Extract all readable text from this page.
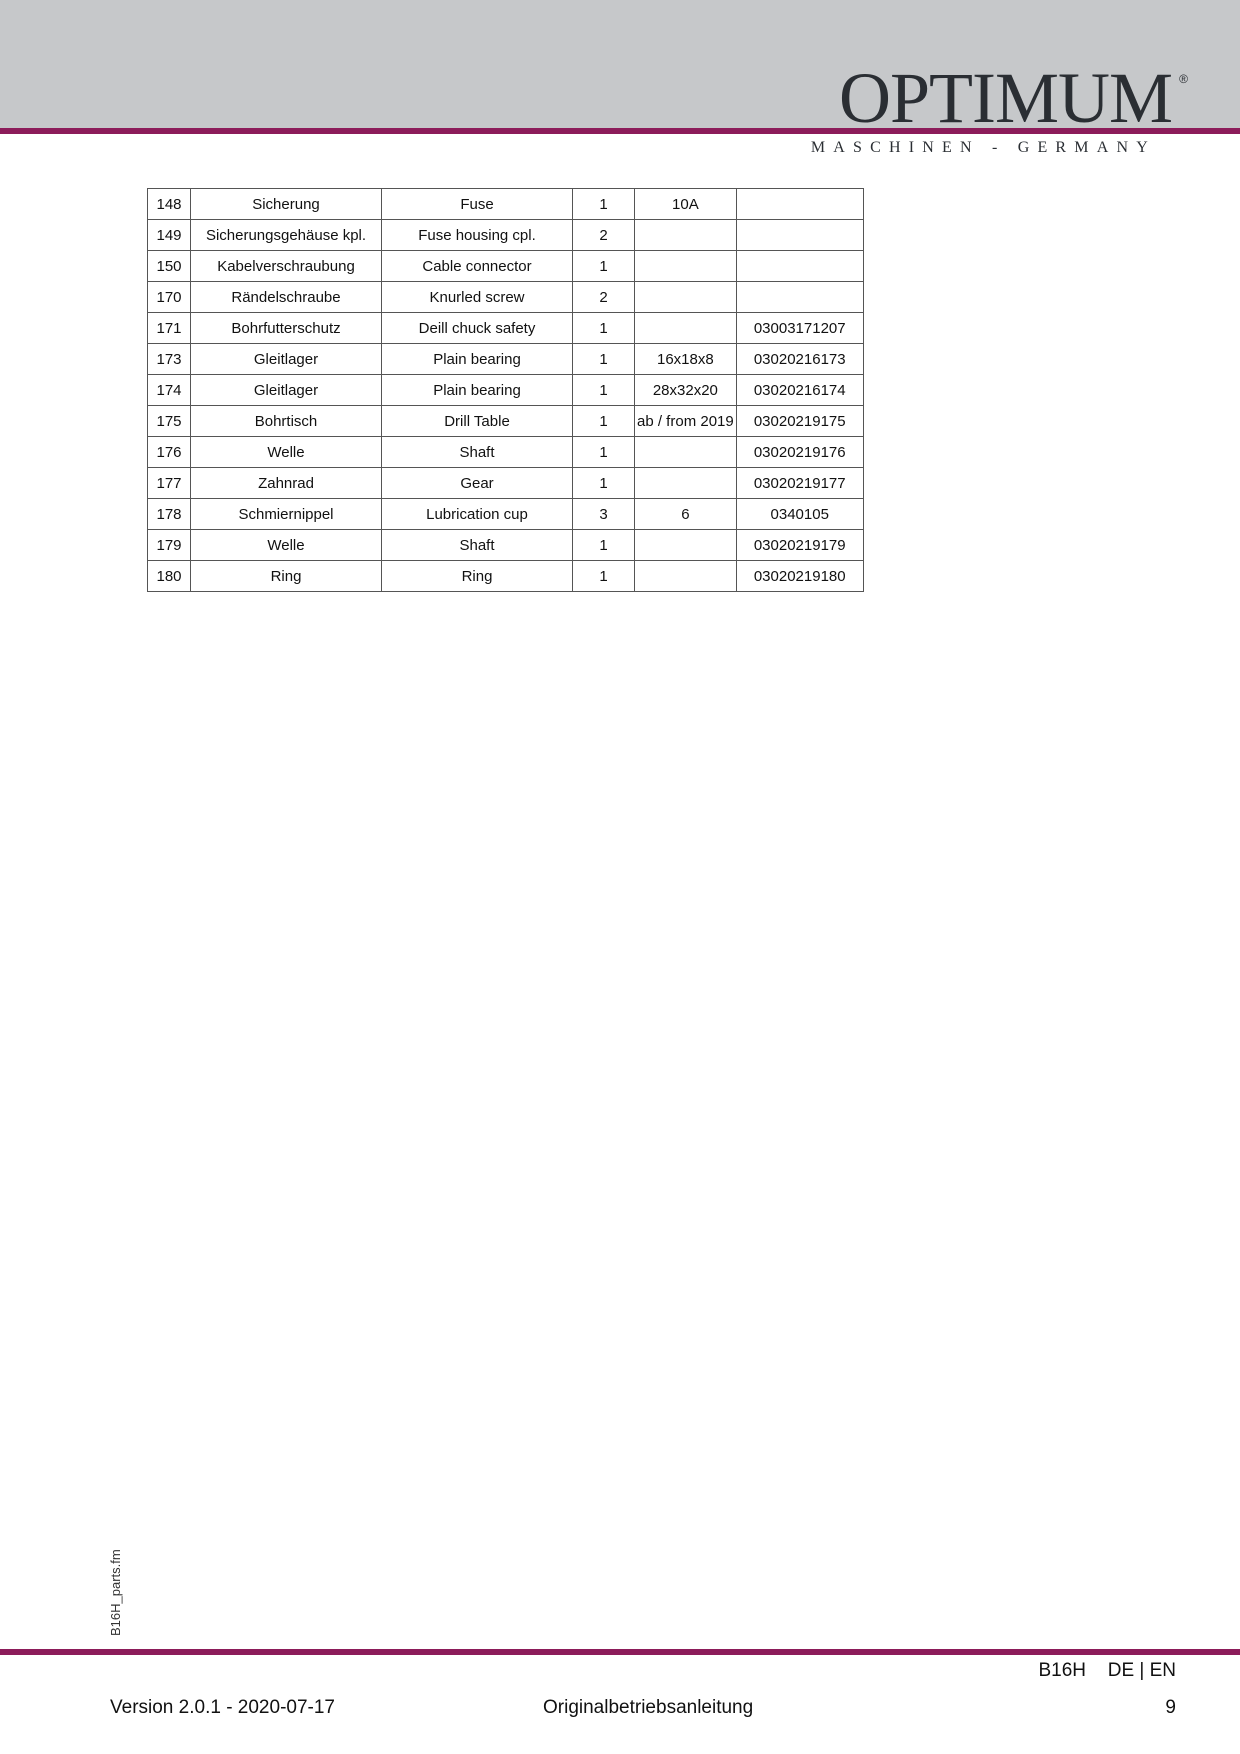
OPTIMUM ®
MASCHINEN - GERMANY
148	Sicherung	Fuse	1	10A	
149	Sicherungsgehäuse kpl.	Fuse housing cpl.	2		
150	Kabelverschraubung	Cable connector	1		
170	Rändelschraube	Knurled screw	2		
171	Bohrfutterschutz	Deill chuck safety	1		03003171207
173	Gleitlager	Plain bearing	1	16x18x8	03020216173
174	Gleitlager	Plain bearing	1	28x32x20	03020216174
175	Bohrtisch	Drill Table	1	ab / from 2019	03020219175
176	Welle	Shaft	1		03020219176
177	Zahnrad	Gear	1		03020219177
178	Schmiernippel	Lubrication cup	3	6	0340105
179	Welle	Shaft	1		03020219179
180	Ring	Ring	1		03020219180
B16H_parts.fm
B16H DE | EN
Version 2.0.1 - 2020-07-17	Originalbetriebsanleitung	9
